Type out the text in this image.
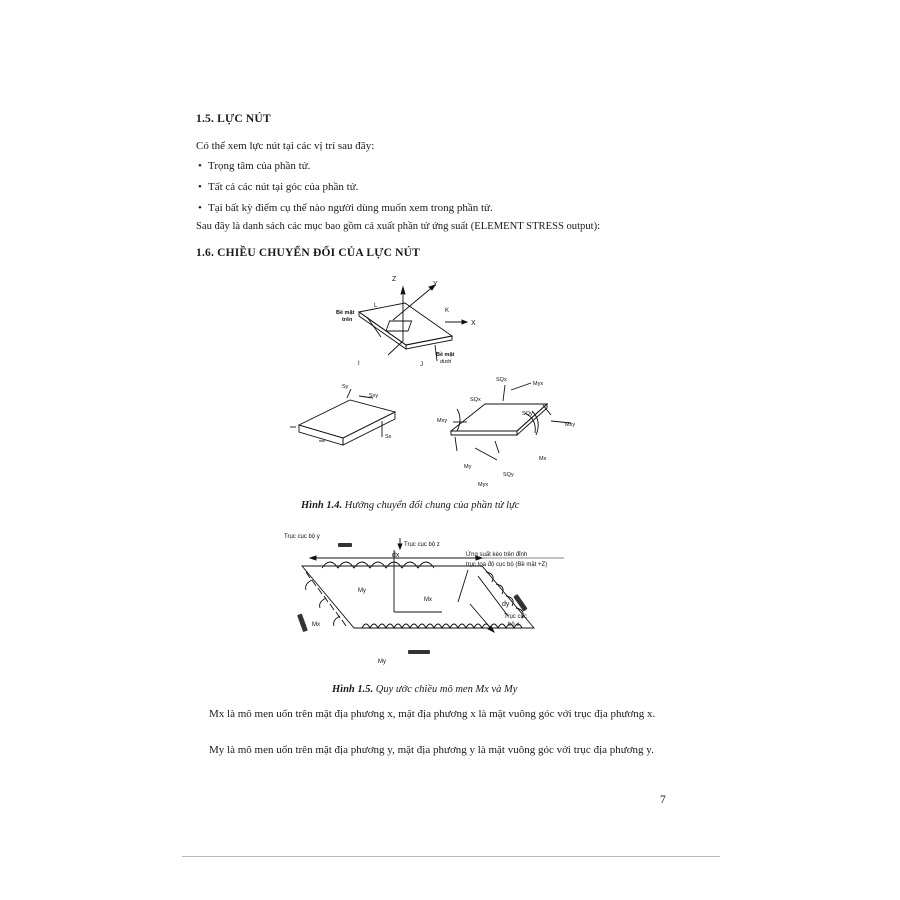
1.5. LỰC NÚT
Có thể xem lực nút tại các vị trí sau đây:
• Trọng tâm của phần tử.
• Tất cả các nút tại góc của phần tử.
• Tại bất kỳ điểm cụ thể nào người dùng muốn xem trong phần tử.
Sau đây là danh sách các mục bao gồm cả xuất phần tử ứng suất (ELEMENT STRESS output):
1.6. CHIỀU CHUYỂN ĐỔI CỦA LỰC NÚT
Z
Y
X
L
K
I	J
Bề mặt
trên
Bề mặt
dưới
Sy
Sxy
Sx
SQx
Myx
SQx
SQy
Mxy
Mxy
My
Mx
SQy
Myx
Hình 1.4. Hướng chuyển đổi chung của phần tử lực
Trục cục bộ y
Trục cục bộ z
dx
dy
Ứng suất kéo trên đỉnh
trục tọa độ cục bộ (Bề mặt +Z)
My
Mx
Mx
My
Trục cục
bộ x
Hình 1.5. Quy ước chiều mô men Mx và My
Mx là mô men uốn trên mặt địa phương x, mặt địa phương x là mặt vuông góc với trục địa phương x.
My là mô men uốn trên mặt địa phương y, mặt địa phương y là mặt vuông góc với trục địa phương y.
7
